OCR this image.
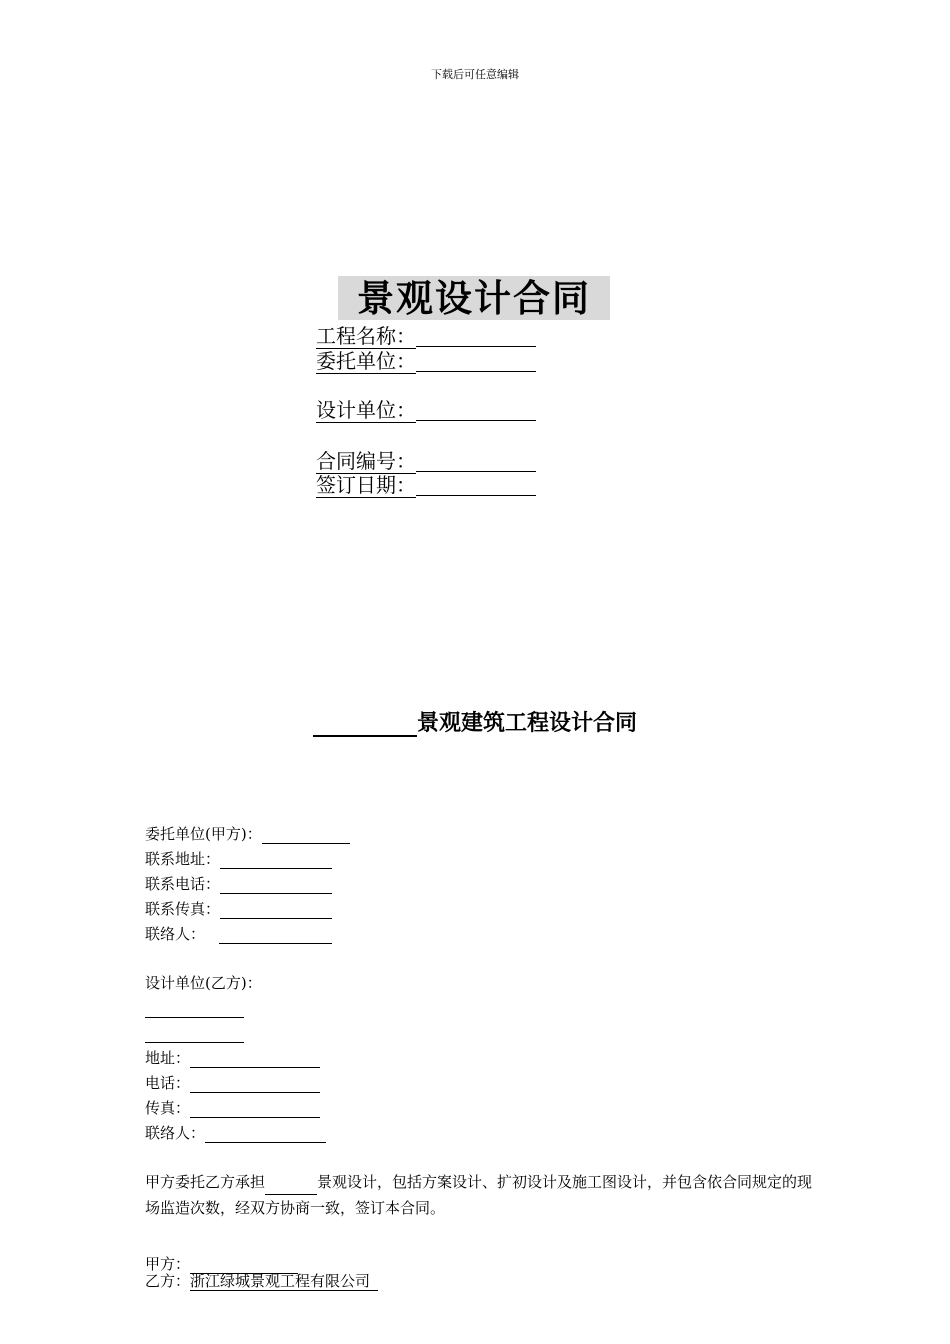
下载后可任意编辑
景观设计合同
工程名称：
委托单位：
设计单位：
合同编号：
签订日期：
景观建筑工程设计合同
委托单位(甲方)：
联系地址：
联系电话：
联系传真：
联络人：
设计单位(乙方)：
地址：
电话：
传真：
联络人：
甲方委托乙方承担	景观设计，包括方案设计、扩初设计及施工图设计，并包含依合同规定的现场监造次数，经双方协商一致，签订本合同。
甲方：
乙方：浙江绿城景观工程有限公司
